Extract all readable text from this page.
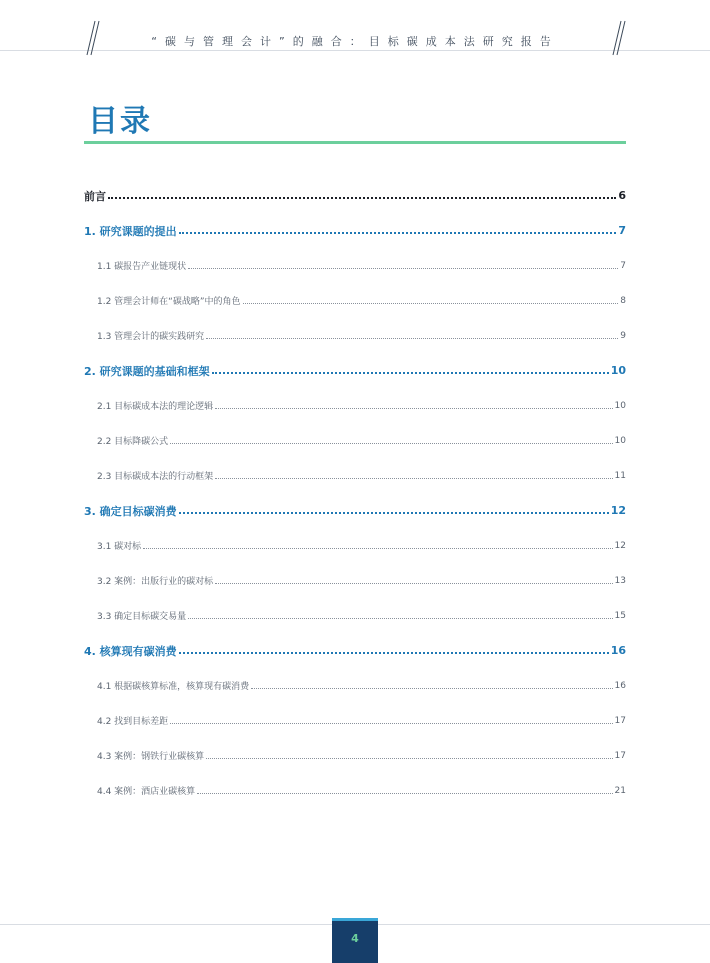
“碳与管理会计”的融合：目标碳成本法研究报告
目录
前言	6
1. 研究课题的提出	7
1.1 碳报告产业链现状	7
1.2 管理会计师在“碳战略”中的角色	8
1.3 管理会计的碳实践研究	9
2. 研究课题的基础和框架	10
2.1 目标碳成本法的理论逻辑	10
2.2 目标降碳公式	10
2.3 目标碳成本法的行动框架	11
3. 确定目标碳消费	12
3.1 碳对标	12
3.2 案例：出版行业的碳对标	13
3.3 确定目标碳交易量	15
4. 核算现有碳消费	16
4.1 根据碳核算标准，核算现有碳消费	16
4.2 找到目标差距	17
4.3 案例：钢铁行业碳核算	17
4.4 案例：酒店业碳核算	21
4
